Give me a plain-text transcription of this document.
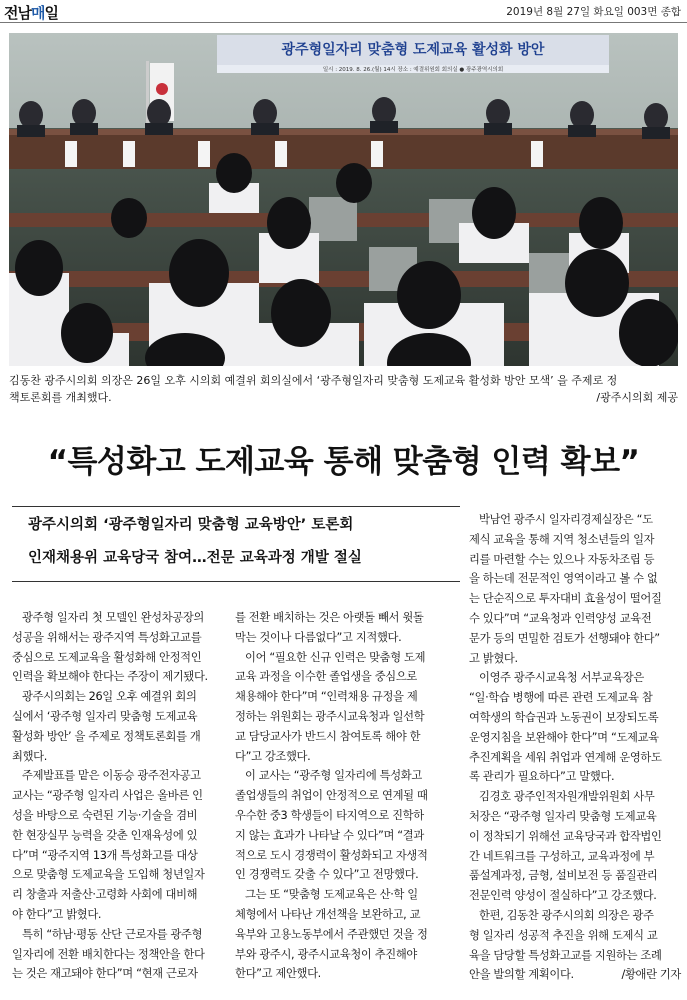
전남매일	2019년 8월 27일 화요일 003면 종합
광주형일자리 맞춤형 도제교육 활성화 방안
일시 : 2019. 8. 26.(월) 14시 장소 : 예결위원회 회의실 ● 광주광역시의회
김동찬 광주시의회 의장은 26일 오후 시의회 예결위 회의실에서 ‘광주형일자리 맞춤형 도제교육 활성화 방안 모색’ 을 주제로 정
책토론회를 개최했다.	/광주시의회 제공
“특성화고 도제교육 통해 맞춤형 인력 확보”
광주시의회 ‘광주형일자리 맞춤형 교육방안’ 토론회
인재채용위 교육당국 참여…전문 교육과정 개발 절실

광주형 일자리 첫 모델인 완성차공장의

성공을 위해서는 광주지역 특성화고교를

중심으로 도제교육을 활성화해 안정적인

인력을 확보해야 한다는 주장이 제기됐다.

광주시의회는 26일 오후 예결위 회의

실에서 ‘광주형 일자리 맞춤형 도제교육

활성화 방안’ 을 주제로 정책토론회를 개

최했다.

주제발표를 맡은 이동승 광주전자공고

교사는 “광주형 일자리 사업은 올바른 인

성을 바탕으로 숙련된 기능·기술을 겸비

한 현장실무 능력을 갖춘 인재육성에 있

다”며 “광주지역 13개 특성화고를 대상

으로 맞춤형 도제교육을 도입해 청년일자

리 창출과 저출산·고령화 사회에 대비해

야 한다”고 밝혔다.

특히 “하남·평동 산단 근로자를 광주형

일자리에 전환 배치한다는 정책안을 한다

는 것은 재고돼야 한다”며 “현재 근로자

를 전환 배치하는 것은 아랫돌 빼서 윗돌

막는 것이나 다름없다”고 지적했다.

이어 “필요한 신규 인력은 맞춤형 도제

교육 과정을 이수한 졸업생을 중심으로

채용해야 한다”며 “인력채용 규정을 제

정하는 위원회는 광주시교육청과 일선학

교 담당교사가 반드시 참여토록 해야 한

다”고 강조했다.

이 교사는 “광주형 일자리에 특성화고

졸업생들의 취업이 안정적으로 연계될 때

우수한 중3 학생들이 타지역으로 진학하

지 않는 효과가 나타날 수 있다”며 “결과

적으로 도시 경쟁력이 활성화되고 자생적

인 경쟁력도 갖출 수 있다”고 전망했다.

그는 또 “맞춤형 도제교육은 산·학 일

체형에서 나타난 개선책을 보완하고, 교

육부와 고용노동부에서 주관했던 것을 정

부와 광주시, 광주시교육청이 추진해야

한다”고 제안했다.

박남언 광주시 일자리경제실장은 “도

제식 교육을 통해 지역 청소년들의 일자

리를 마련할 수는 있으나 자동차조립 등

을 하는데 전문적인 영역이라고 볼 수 없

는 단순직으로 투자대비 효율성이 떨어질

수 있다”며 “교육청과 인력양성 교육전

문가 등의 면밀한 검토가 선행돼야 한다”

고 밝혔다.

이영주 광주시교육청 서부교육장은

“일·학습 병행에 따른 관련 도제교육 참

여학생의 학습권과 노동권이 보장되도록

운영지침을 보완해야 한다”며 “도제교육

추진계획을 세워 취업과 연계해 운영하도

록 관리가 필요하다”고 말했다.

김경호 광주인적자원개발위원회 사무

처장은 “광주형 일자리 맞춤형 도제교육

이 정착되기 위해선 교육당국과 합작법인

간 네트워크를 구성하고, 교육과정에 부

품설계과정, 금형, 설비보전 등 품질관리

전문인력 양성이 절실하다”고 강조했다.

한편, 김동찬 광주시의회 의장은 광주

형 일자리 성공적 추진을 위해 도제식 교

육을 담당할 특성화고교를 지원하는 조례

안을 발의할 계획이다.	/황애란 기자
